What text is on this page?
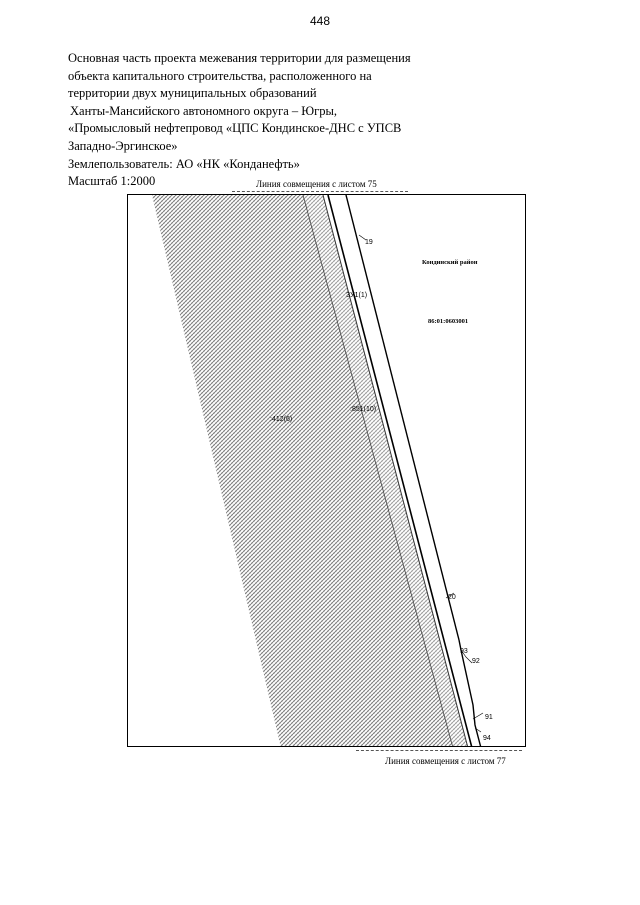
448
Основная часть проекта межевания территории для размещения
объекта капитального строительства, расположенного на
территории двух муниципальных образований
Ханты-Мансийского автономного округа – Югры,
«Промысловый нефтепровод «ЦПС Кондинское-ДНС с УПСВ
Западно-Эргинское»
Землепользователь: АО «НК «Конданефть»
Масштаб 1:2000	Линия совмещения с листом 75
19
Кондинский район
ЗУ1(1)
86:01:0603001
:412(6)
:851(10)
20
93
92
91
94
Линия совмещения с листом 77
